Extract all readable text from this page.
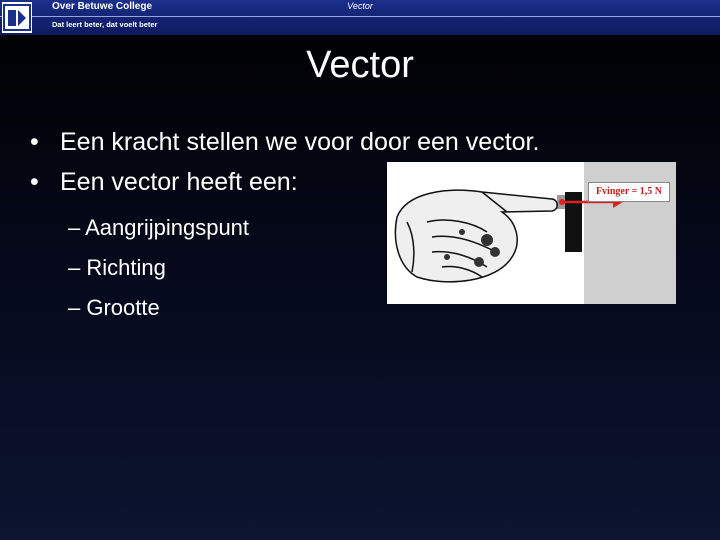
Over Betuwe College
Dat leert beter, dat voelt beter
Vector
Vector
• Een kracht stellen we voor door een vector.
• Een vector heeft een:
– Aangrijpingspunt
– Richting
– Grootte
Fvinger = 1,5 N
